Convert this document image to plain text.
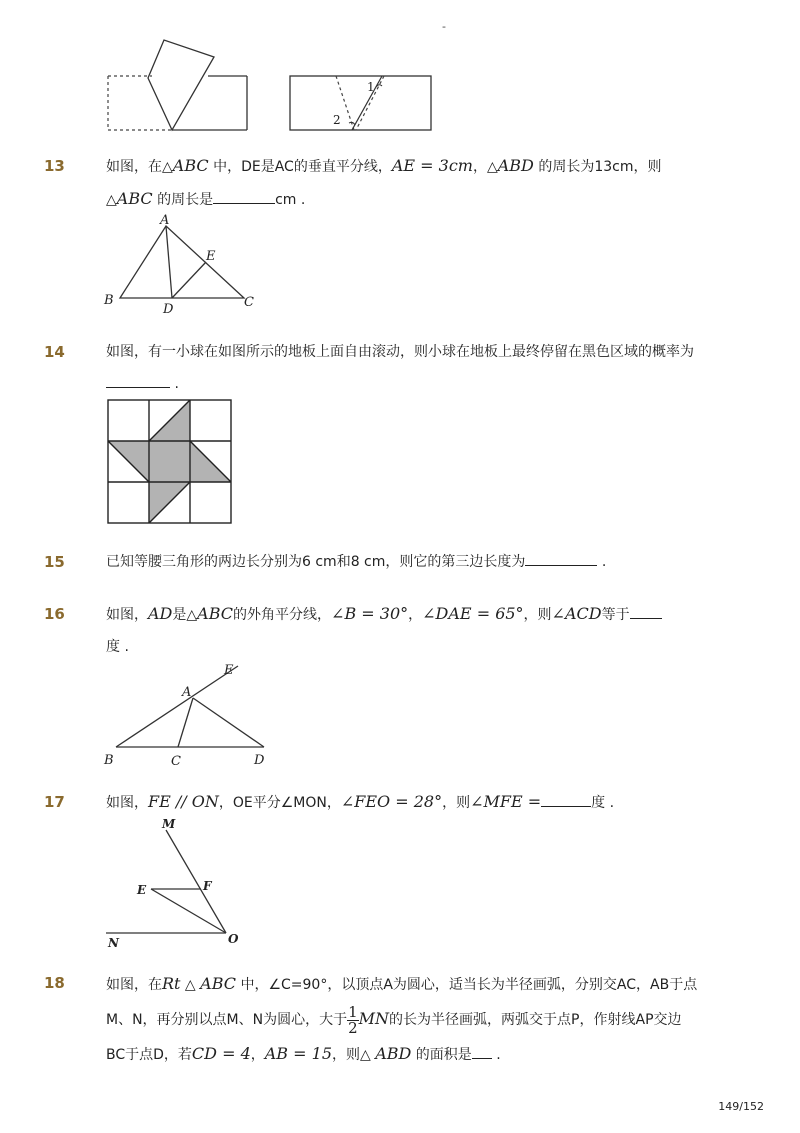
-
1
2
13	如图，在△ABC 中，DE是AC的垂直平分线，AE = 3cm，△ABD 的周长为13cm，则
△ABC 的周长是	cm .
A
B	C
D
E
14	如图，有一小球在如图所示的地板上面自由滚动，则小球在地板上最终停留在黑色区域的概率为
.
15	已知等腰三角形的两边长分别为6 cm和8 cm，则它的第三边长度为	.
16	如图，AD是△ABC的外角平分线，∠B = 30°，∠DAE = 65°，则∠ACD等于
度 .
A
B	C	D
E
17	如图，FE // ON，OE平分∠MON，∠FEO = 28°，则∠MFE =	度 .
M
E	F
N	O
18	如图，在Rt △ ABC 中，∠C=90°，以顶点A为圆心，适当长为半径画弧，分别交AC，AB于点
M、N，再分别以点M、N为圆心，大于 $\frac{1}{2}$ MN的长为半径画弧，两弧交于点P，作射线AP交边
BC于点D，若CD = 4，AB = 15，则△ ABD 的面积是 .
149/152
